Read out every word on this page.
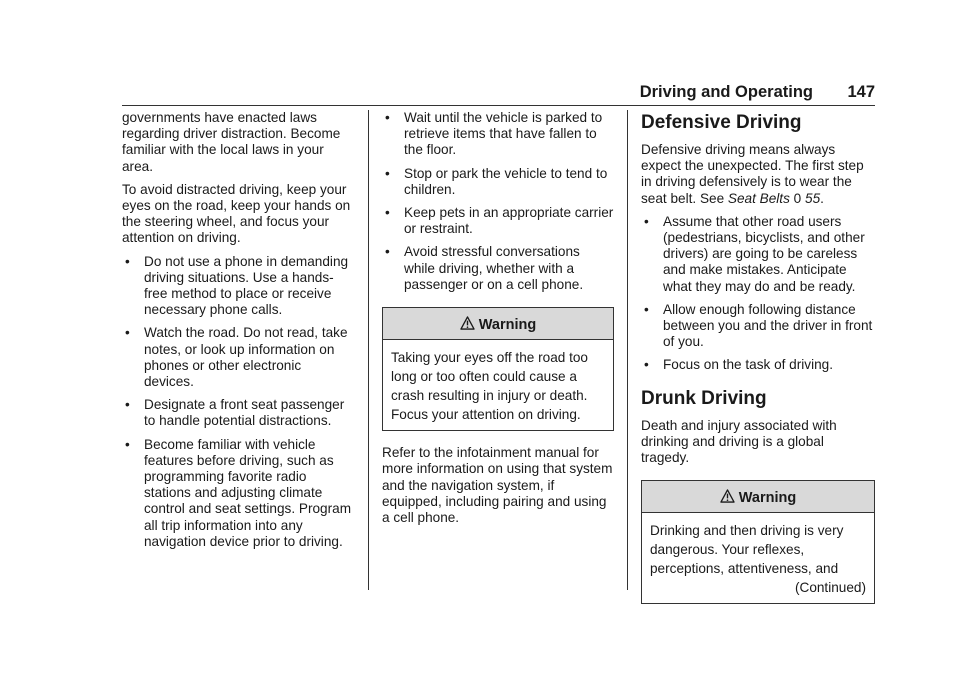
Driving and Operating 147

governments have enacted laws regarding driver distraction. Become familiar with the local laws in your area.

To avoid distracted driving, keep your eyes on the road, keep your hands on the steering wheel, and focus your attention on driving.

• Do not use a phone in demanding driving situations. Use a hands-free method to place or receive necessary phone calls.
• Watch the road. Do not read, take notes, or look up information on phones or other electronic devices.
• Designate a front seat passenger to handle potential distractions.
• Become familiar with vehicle features before driving, such as programming favorite radio stations and adjusting climate control and seat settings. Program all trip information into any navigation device prior to driving.
• Wait until the vehicle is parked to retrieve items that have fallen to the floor.
• Stop or park the vehicle to tend to children.
• Keep pets in an appropriate carrier or restraint.
• Avoid stressful conversations while driving, whether with a passenger or on a cell phone.
Warning
Taking your eyes off the road too long or too often could cause a crash resulting in injury or death. Focus your attention on driving.

Refer to the infotainment manual for more information on using that system and the navigation system, if equipped, including pairing and using a cell phone.

Defensive Driving

Defensive driving means always expect the unexpected. The first step in driving defensively is to wear the seat belt. See Seat Belts 0 55.

• Assume that other road users (pedestrians, bicyclists, and other drivers) are going to be careless and make mistakes. Anticipate what they may do and be ready.
• Allow enough following distance between you and the driver in front of you.
• Focus on the task of driving.
Drunk Driving

Death and injury associated with drinking and driving is a global tragedy.

Warning
Drinking and then driving is very dangerous. Your reflexes, perceptions, attentiveness, and
(Continued)
